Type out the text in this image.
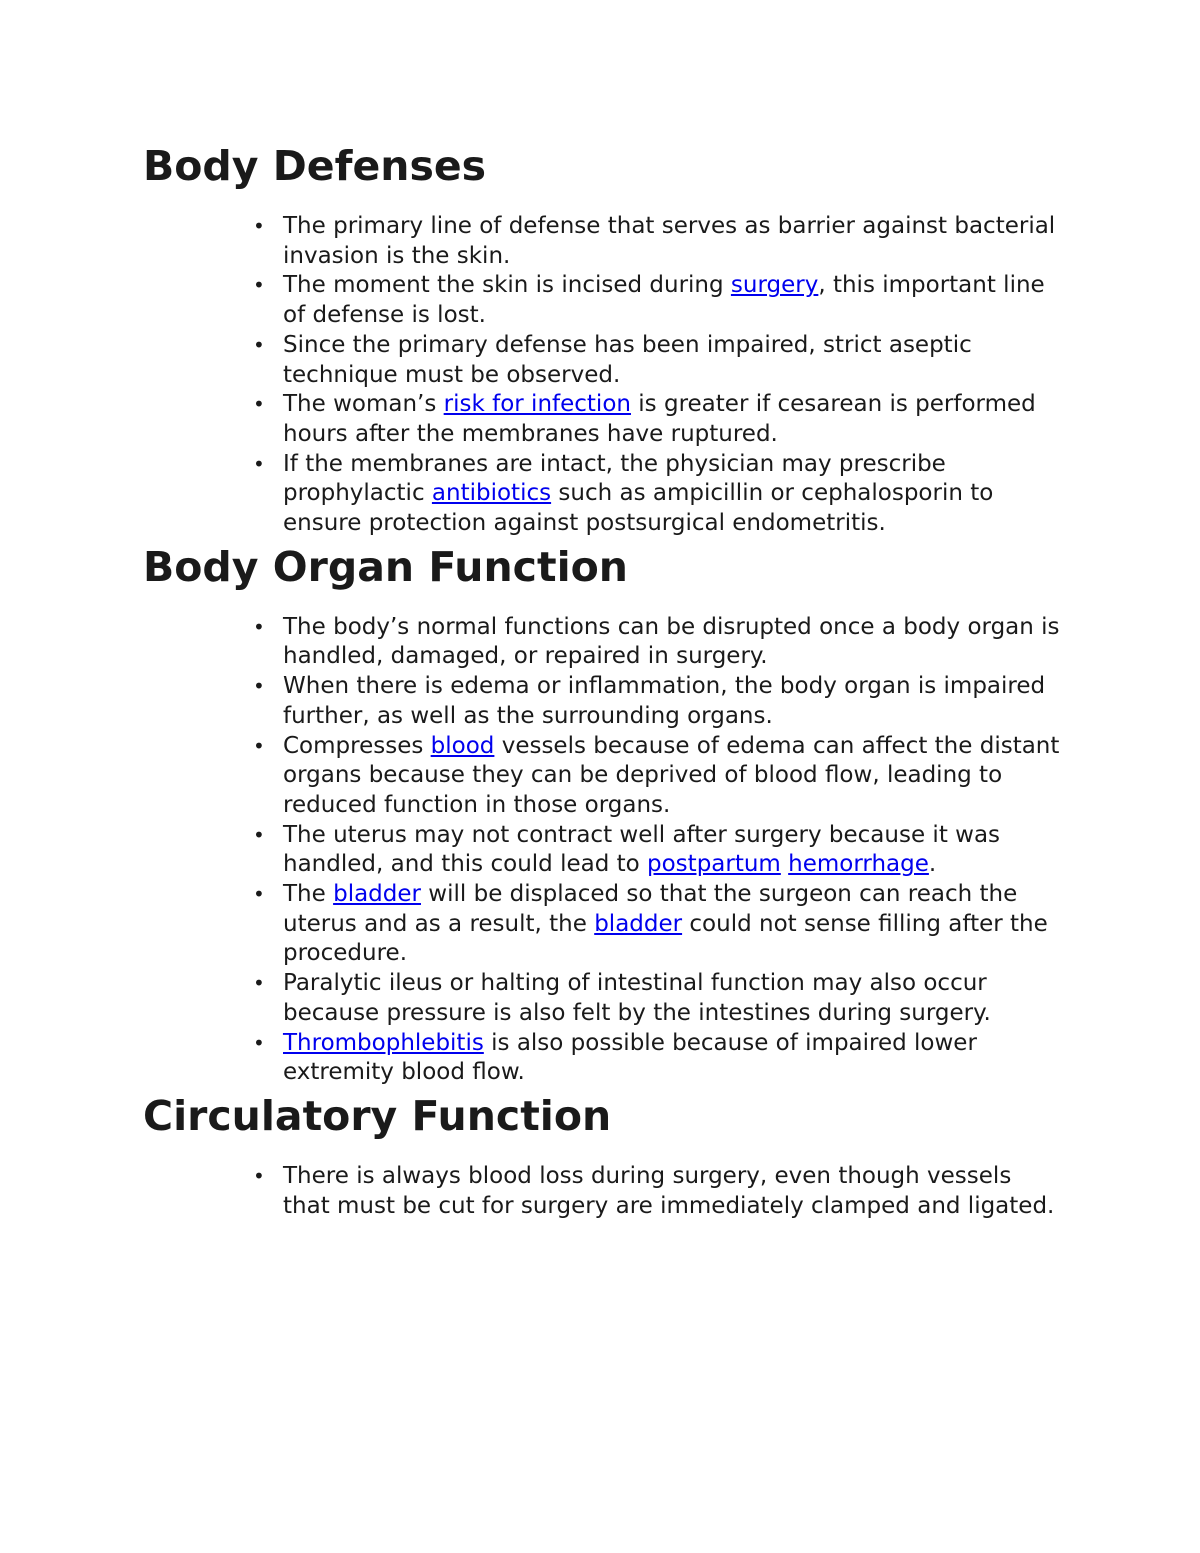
Body Defenses
• The primary line of defense that serves as barrier against bacterial invasion is the skin.
• The moment the skin is incised during surgery, this important line of defense is lost.
• Since the primary defense has been impaired, strict aseptic technique must be observed.
• The woman’s risk for infection is greater if cesarean is performed hours after the membranes have ruptured.
• If the membranes are intact, the physician may prescribe prophylactic antibiotics such as ampicillin or cephalosporin to ensure protection against postsurgical endometritis.
Body Organ Function
• The body’s normal functions can be disrupted once a body organ is handled, damaged, or repaired in surgery.
• When there is edema or inflammation, the body organ is impaired further, as well as the surrounding organs.
• Compresses blood vessels because of edema can affect the distant organs because they can be deprived of blood flow, leading to reduced function in those organs.
• The uterus may not contract well after surgery because it was handled, and this could lead to postpartum hemorrhage.
• The bladder will be displaced so that the surgeon can reach the uterus and as a result, the bladder could not sense filling after the procedure.
• Paralytic ileus or halting of intestinal function may also occur because pressure is also felt by the intestines during surgery.
• Thrombophlebitis is also possible because of impaired lower extremity blood flow.
Circulatory Function
• There is always blood loss during surgery, even though vessels that must be cut for surgery are immediately clamped and ligated.
